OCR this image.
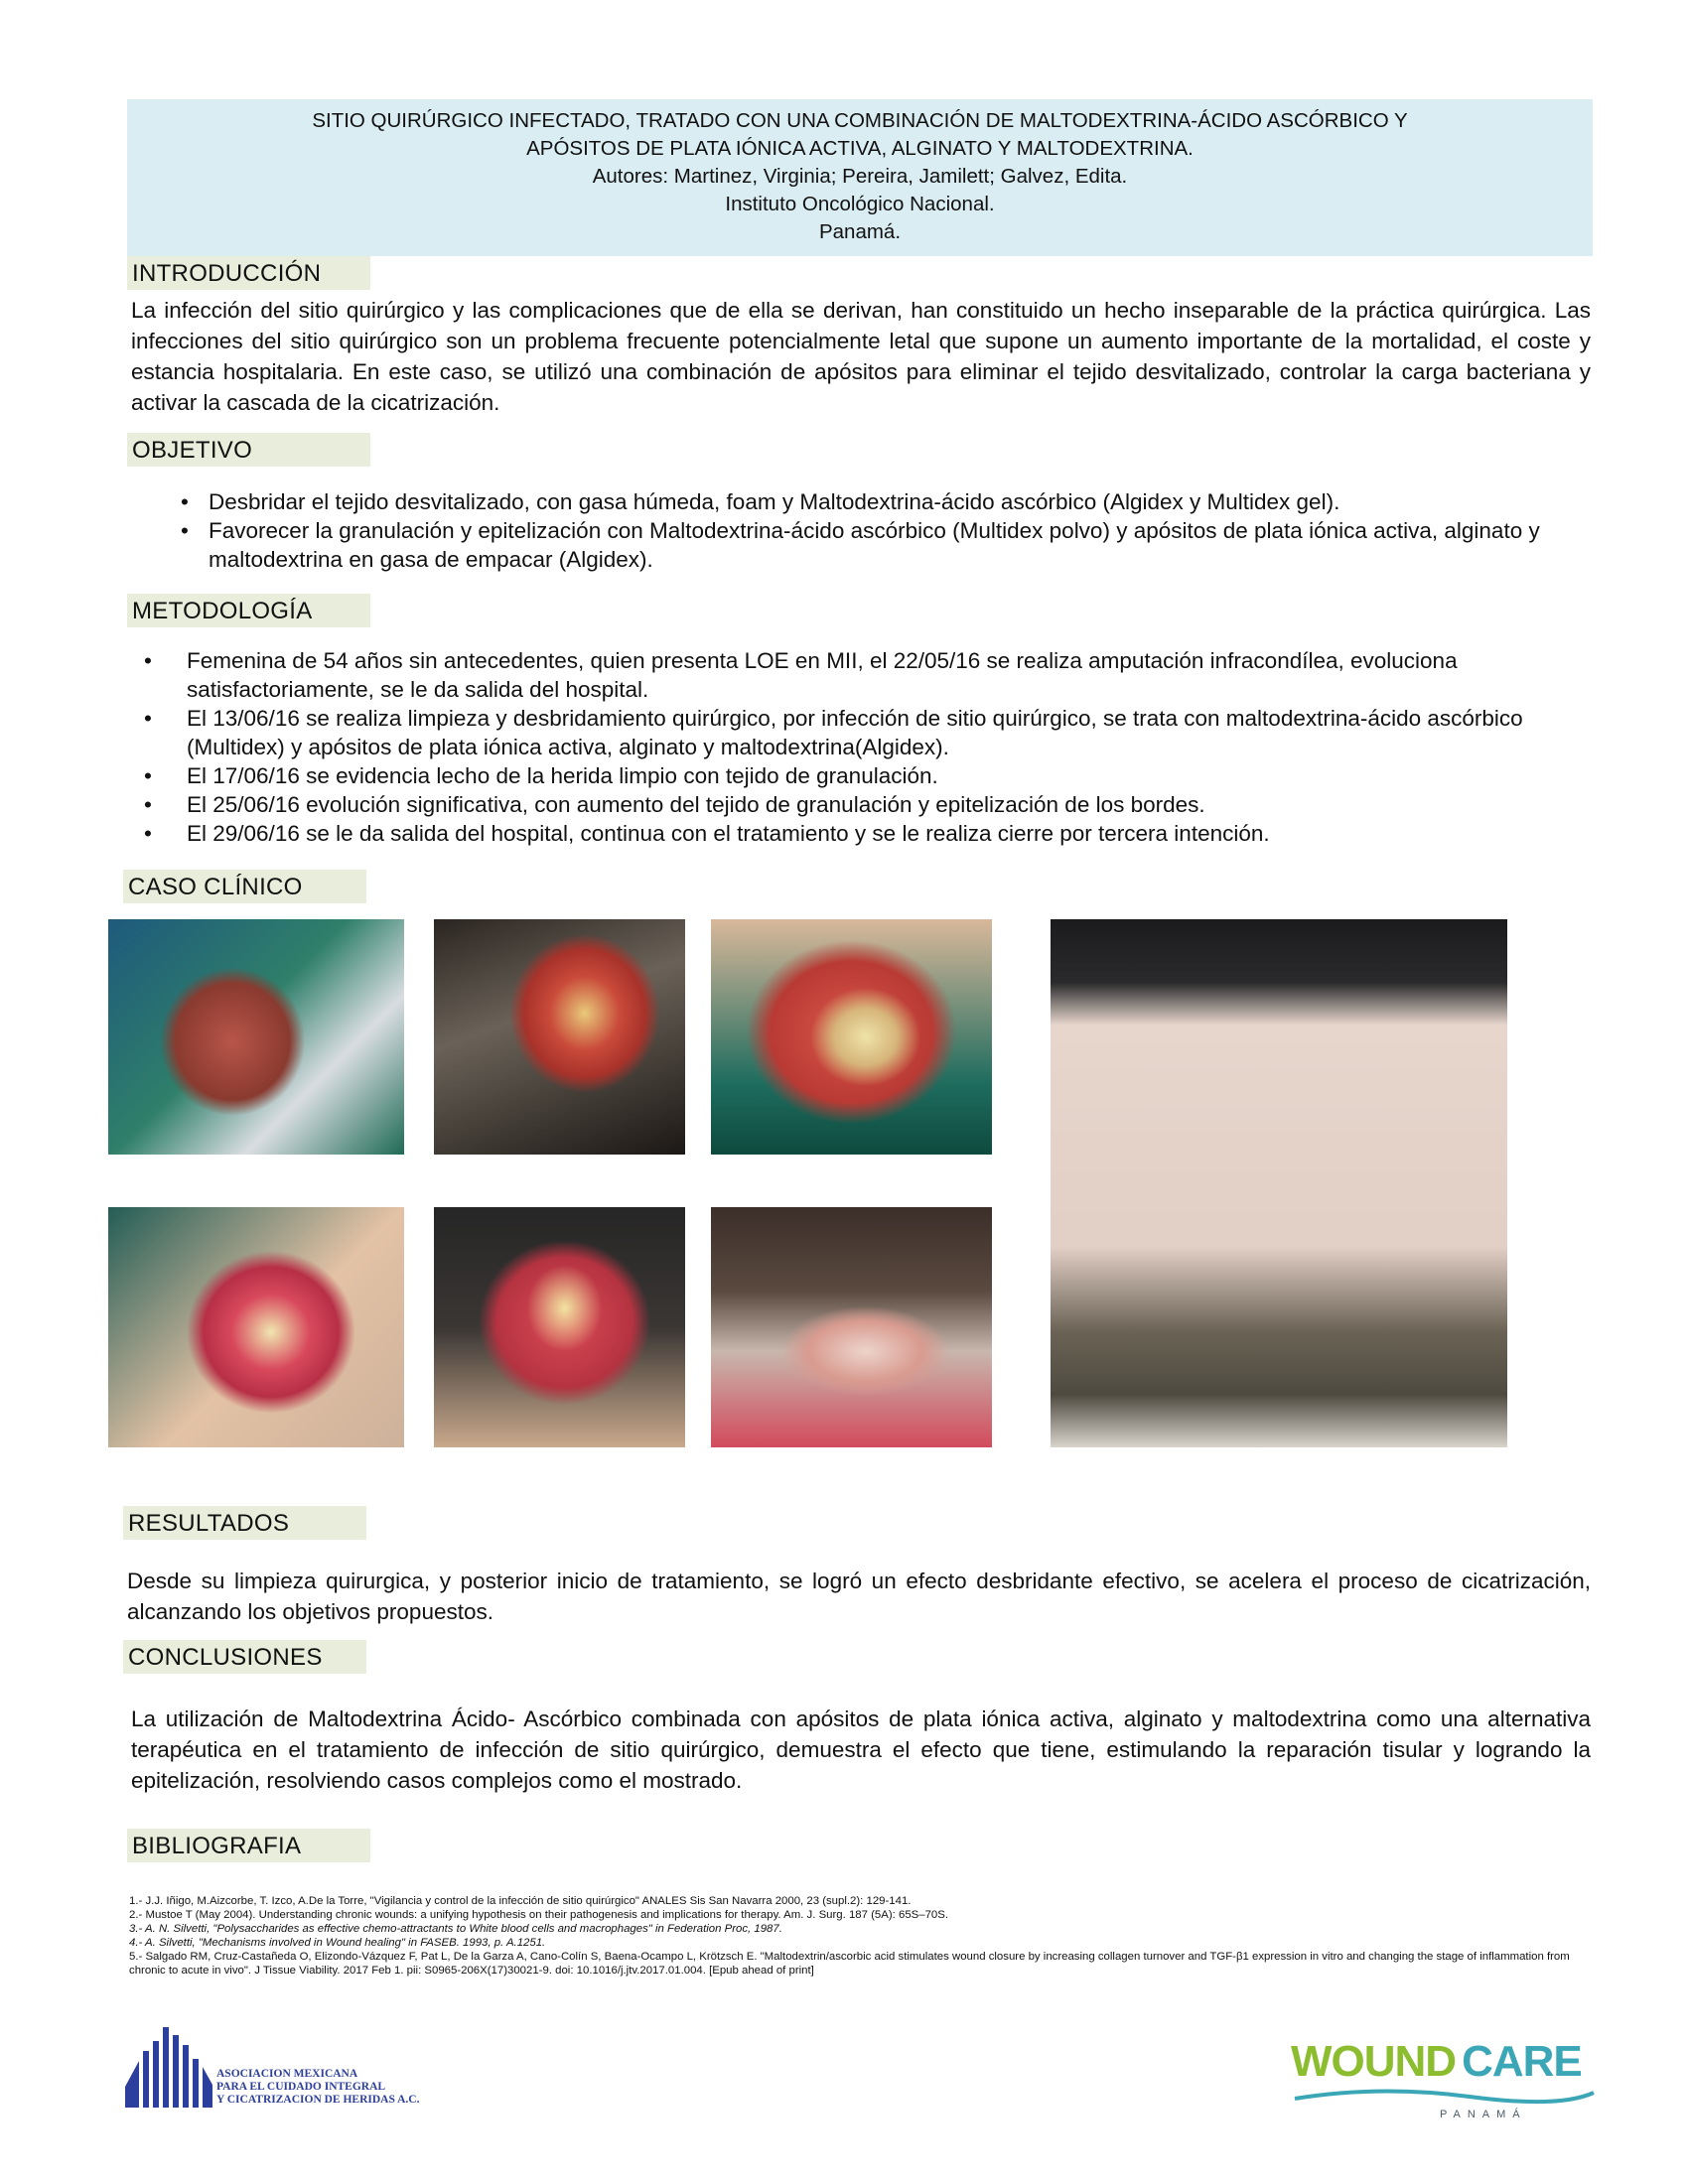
SITIO QUIRÚRGICO INFECTADO, TRATADO CON UNA COMBINACIÓN DE MALTODEXTRINA-ÁCIDO ASCÓRBICO Y
APÓSITOS DE PLATA IÓNICA ACTIVA, ALGINATO Y MALTODEXTRINA.
Autores: Martinez, Virginia; Pereira, Jamilett; Galvez, Edita.
Instituto Oncológico Nacional.
Panamá.
INTRODUCCIÓN

La infección del sitio quirúrgico y las complicaciones que de ella se derivan, han constituido un hecho inseparable de la práctica quirúrgica. Las infecciones del sitio quirúrgico son un problema frecuente potencialmente letal que supone un aumento importante de la mortalidad, el coste y estancia hospitalaria. En este caso, se utilizó una combinación de apósitos para eliminar el tejido desvitalizado, controlar la carga bacteriana y activar la cascada de la cicatrización.

OBJETIVO
• Desbridar el tejido desvitalizado, con gasa húmeda, foam y Maltodextrina-ácido ascórbico (Algidex y Multidex gel).
• Favorecer la granulación y epitelización con Maltodextrina-ácido ascórbico (Multidex polvo) y apósitos de plata iónica activa, alginato y maltodextrina en gasa de empacar (Algidex).
METODOLOGÍA
• Femenina de 54 años sin antecedentes, quien presenta LOE en MII, el 22/05/16 se realiza amputación infracondílea, evoluciona satisfactoriamente, se le da salida del hospital.
• El 13/06/16 se realiza limpieza y desbridamiento quirúrgico, por infección de sitio quirúrgico, se trata con maltodextrina-ácido ascórbico (Multidex) y apósitos de plata iónica activa, alginato y maltodextrina(Algidex).
• El 17/06/16 se evidencia lecho de la herida limpio con tejido de granulación.
• El 25/06/16 evolución significativa, con aumento del tejido de granulación y epitelización de los bordes.
• El 29/06/16 se le da salida del hospital, continua con el tratamiento y se le realiza cierre por tercera intención.
CASO CLÍNICO
RESULTADOS

Desde su limpieza quirurgica, y posterior inicio de tratamiento, se logró un efecto desbridante efectivo, se acelera el proceso de cicatrización, alcanzando los objetivos propuestos.

CONCLUSIONES

La utilización de Maltodextrina Ácido- Ascórbico combinada con apósitos de plata iónica activa, alginato y maltodextrina como una alternativa terapéutica en el tratamiento de infección de sitio quirúrgico, demuestra el efecto que tiene, estimulando la reparación tisular y logrando la epitelización, resolviendo casos complejos como el mostrado.

BIBLIOGRAFIA
1.- J.J. Iñigo, M.Aizcorbe, T. Izco, A.De la Torre, "Vigilancia y control de la infección de sitio quirúrgico" ANALES Sis San Navarra 2000, 23 (supl.2): 129-141.
2.- Mustoe T (May 2004). Understanding chronic wounds: a unifying hypothesis on their pathogenesis and implications for therapy. Am. J. Surg. 187 (5A): 65S–70S.
3.- A. N. Silvetti, "Polysaccharides as effective chemo-attractants to White blood cells and macrophages" in Federation Proc, 1987.
4.- A. Silvetti, "Mechanisms involved in Wound healing" in FASEB. 1993, p. A.1251.
5.- Salgado RM, Cruz-Castañeda O, Elizondo-Vázquez F, Pat L, De la Garza A, Cano-Colín S, Baena-Ocampo L, Krötzsch E. "Maltodextrin/ascorbic acid stimulates wound closure by increasing collagen turnover and TGF-β1 expression in vitro and changing the stage of inflammation from chronic to acute in vivo". J Tissue Viability. 2017 Feb 1. pii: S0965-206X(17)30021-9. doi: 10.1016/j.jtv.2017.01.004. [Epub ahead of print]
ASOCIACION MEXICANA
PARA EL CUIDADO INTEGRAL
Y CICATRIZACION DE HERIDAS A.C.
WOUND CARE
PANAMÁ
